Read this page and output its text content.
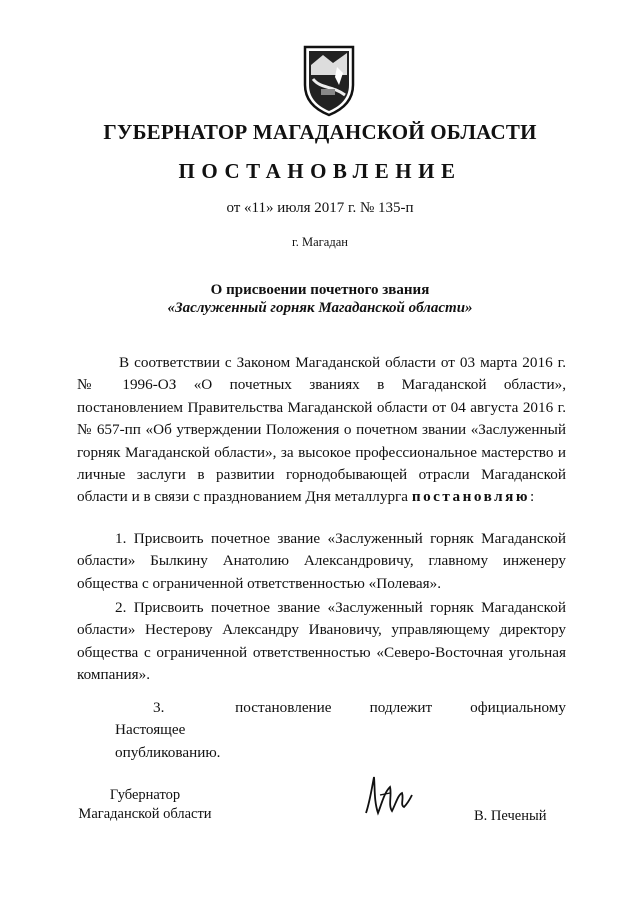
ГУБЕРНАТОР МАГАДАНСКОЙ ОБЛАСТИ
ПОСТАНОВЛЕНИЕ
от «11» июля 2017 г. № 135-п
г. Магадан
О присвоении почетного звания
«Заслуженный горняк Магаданской области»

В соответствии с Законом Магаданской области от 03 марта 2016 г. № 1996-ОЗ «О почетных званиях в Магаданской области», постановлением Правительства Магаданской области от 04 августа 2016 г. № 657-пп «Об утверждении Положения о почетном звании «Заслуженный горняк Магаданской области», за высокое профессиональное мастерство и личные заслуги в развитии горнодобывающей отрасли Магаданской области и в связи с празднованием Дня металлурга постановляю:

1. Присвоить почетное звание «Заслуженный горняк Магаданской области» Былкину Анатолию Александровичу, главному инженеру общества с ограниченной ответственностью «Полевая».

2. Присвоить почетное звание «Заслуженный горняк Магаданской области» Нестерову Александру Ивановичу, управляющему директору общества с ограниченной ответственностью «Северо-Восточная угольная компания».

3. Настоящее
постановление	подлежит	официальному
опубликованию.
Губернатор
Магаданской области	В. Печеный
